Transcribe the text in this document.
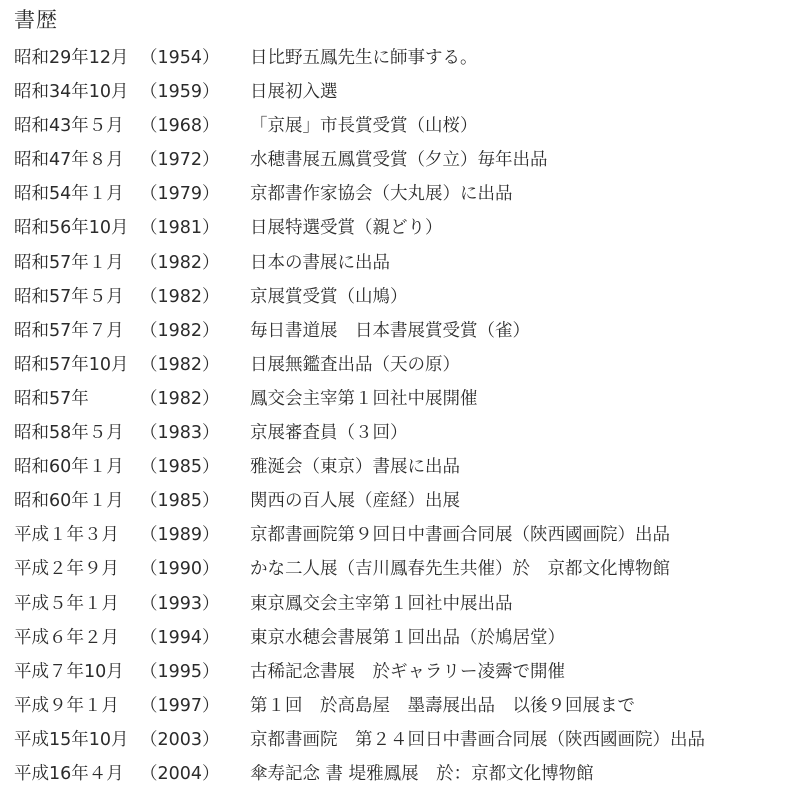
書歴
昭和29年12月 （1954） 日比野五鳳先生に師事する。
昭和34年10月 （1959） 日展初入選
昭和43年５月 （1968） 「京展」市長賞受賞（山桜）
昭和47年８月 （1972） 水穂書展五鳳賞受賞（夕立）毎年出品
昭和54年１月 （1979） 京都書作家協会（大丸展）に出品
昭和56年10月 （1981） 日展特選受賞（親どり）
昭和57年１月 （1982） 日本の書展に出品
昭和57年５月 （1982） 京展賞受賞（山鳩）
昭和57年７月 （1982） 毎日書道展　日本書展賞受賞（雀）
昭和57年10月 （1982） 日展無鑑査出品（天の原）
昭和57年	（1982） 鳳交会主宰第１回社中展開催
昭和58年５月 （1983） 京展審査員（３回）
昭和60年１月 （1985） 雅涎会（東京）書展に出品
昭和60年１月 （1985） 関西の百人展（産経）出展
平成１年３月 （1989） 京都書画院第９回日中書画合同展（陝西國画院）出品
平成２年９月 （1990） かな二人展（吉川鳳春先生共催）於　京都文化博物館
平成５年１月 （1993） 東京鳳交会主宰第１回社中展出品
平成６年２月 （1994） 東京水穂会書展第１回出品（於鳩居堂）
平成７年10月 （1995） 古稀記念書展　於ギャラリー凌霽で開催
平成９年１月 （1997） 第１回　於高島屋　墨壽展出品　以後９回展まで
平成15年10月 （2003） 京都書画院　第２４回日中書画合同展（陝西國画院）出品
平成16年４月 （2004） 傘寿記念 書 堤雅鳳展　於：京都文化博物館
